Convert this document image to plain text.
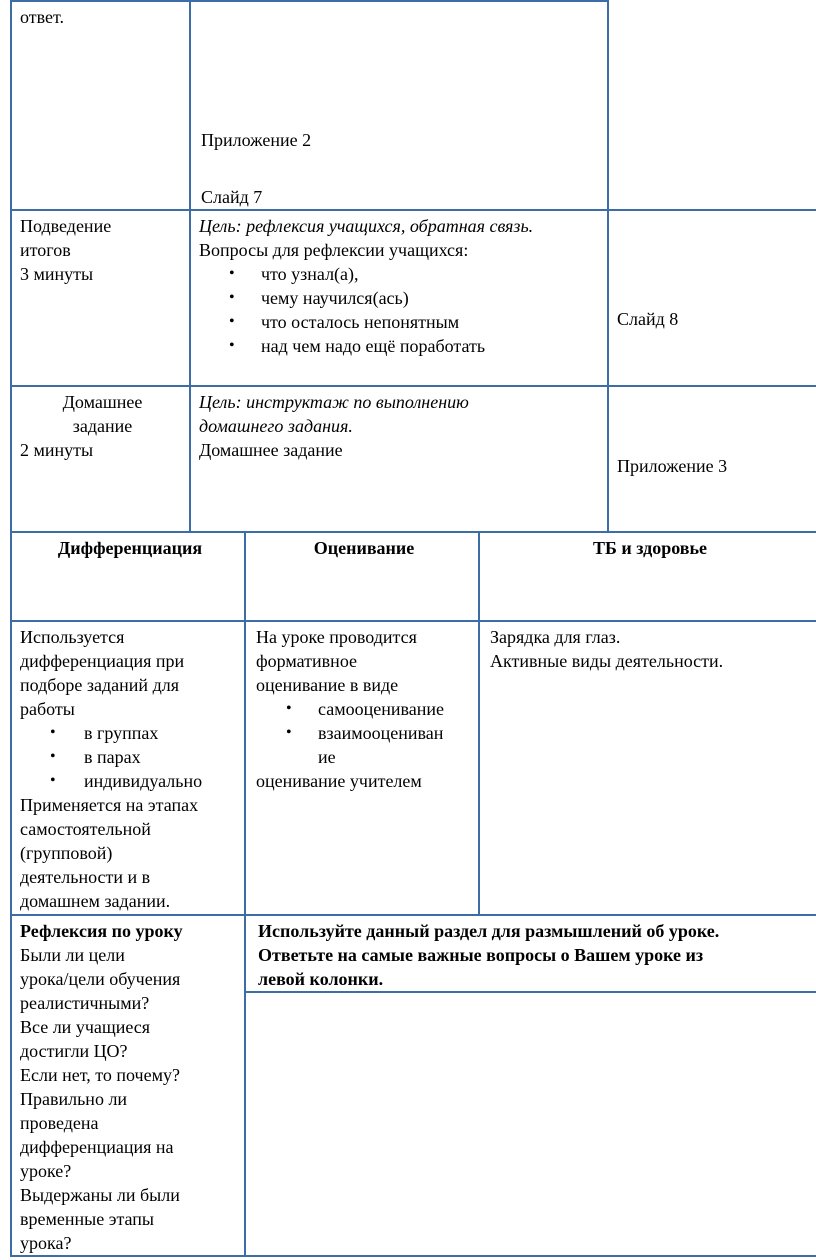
ответ.
Приложение 2
Слайд 7
Подведение
итогов
3 минуты
Цель: рефлексия учащихся, обратная связь.
Вопросы для рефлексии учащихся:
• что узнал(а),
• чему научился(ась)
• что осталось непонятным
• над чем надо ещё поработать
Слайд 8
Домашнее
задание
2 минуты
Цель: инструктаж по выполнению
домашнего задания.
Домашнее задание
Приложение 3
Дифференциация	Оценивание	ТБ и здоровье
Используется
дифференциация при
подборе заданий для
работы
• в группах
• в парах
• индивидуально
Применяется на этапах
самостоятельной
(групповой)
деятельности и в
домашнем задании.
На уроке проводится
формативное
оценивание в виде
• самооценивание
• взаимооцениван ие
оценивание учителем
Зарядка для глаз.
Активные виды деятельности.
Рефлексия по уроку
Были ли цели
урока/цели обучения
реалистичными?
Все ли учащиеся
достигли ЦО?
Если нет, то почему?
Правильно ли
проведена
дифференциация на
уроке?
Выдержаны ли были
временные этапы
урока?
Используйте данный раздел для размышлений об уроке.
Ответьте на самые важные вопросы о Вашем уроке из
левой колонки.
